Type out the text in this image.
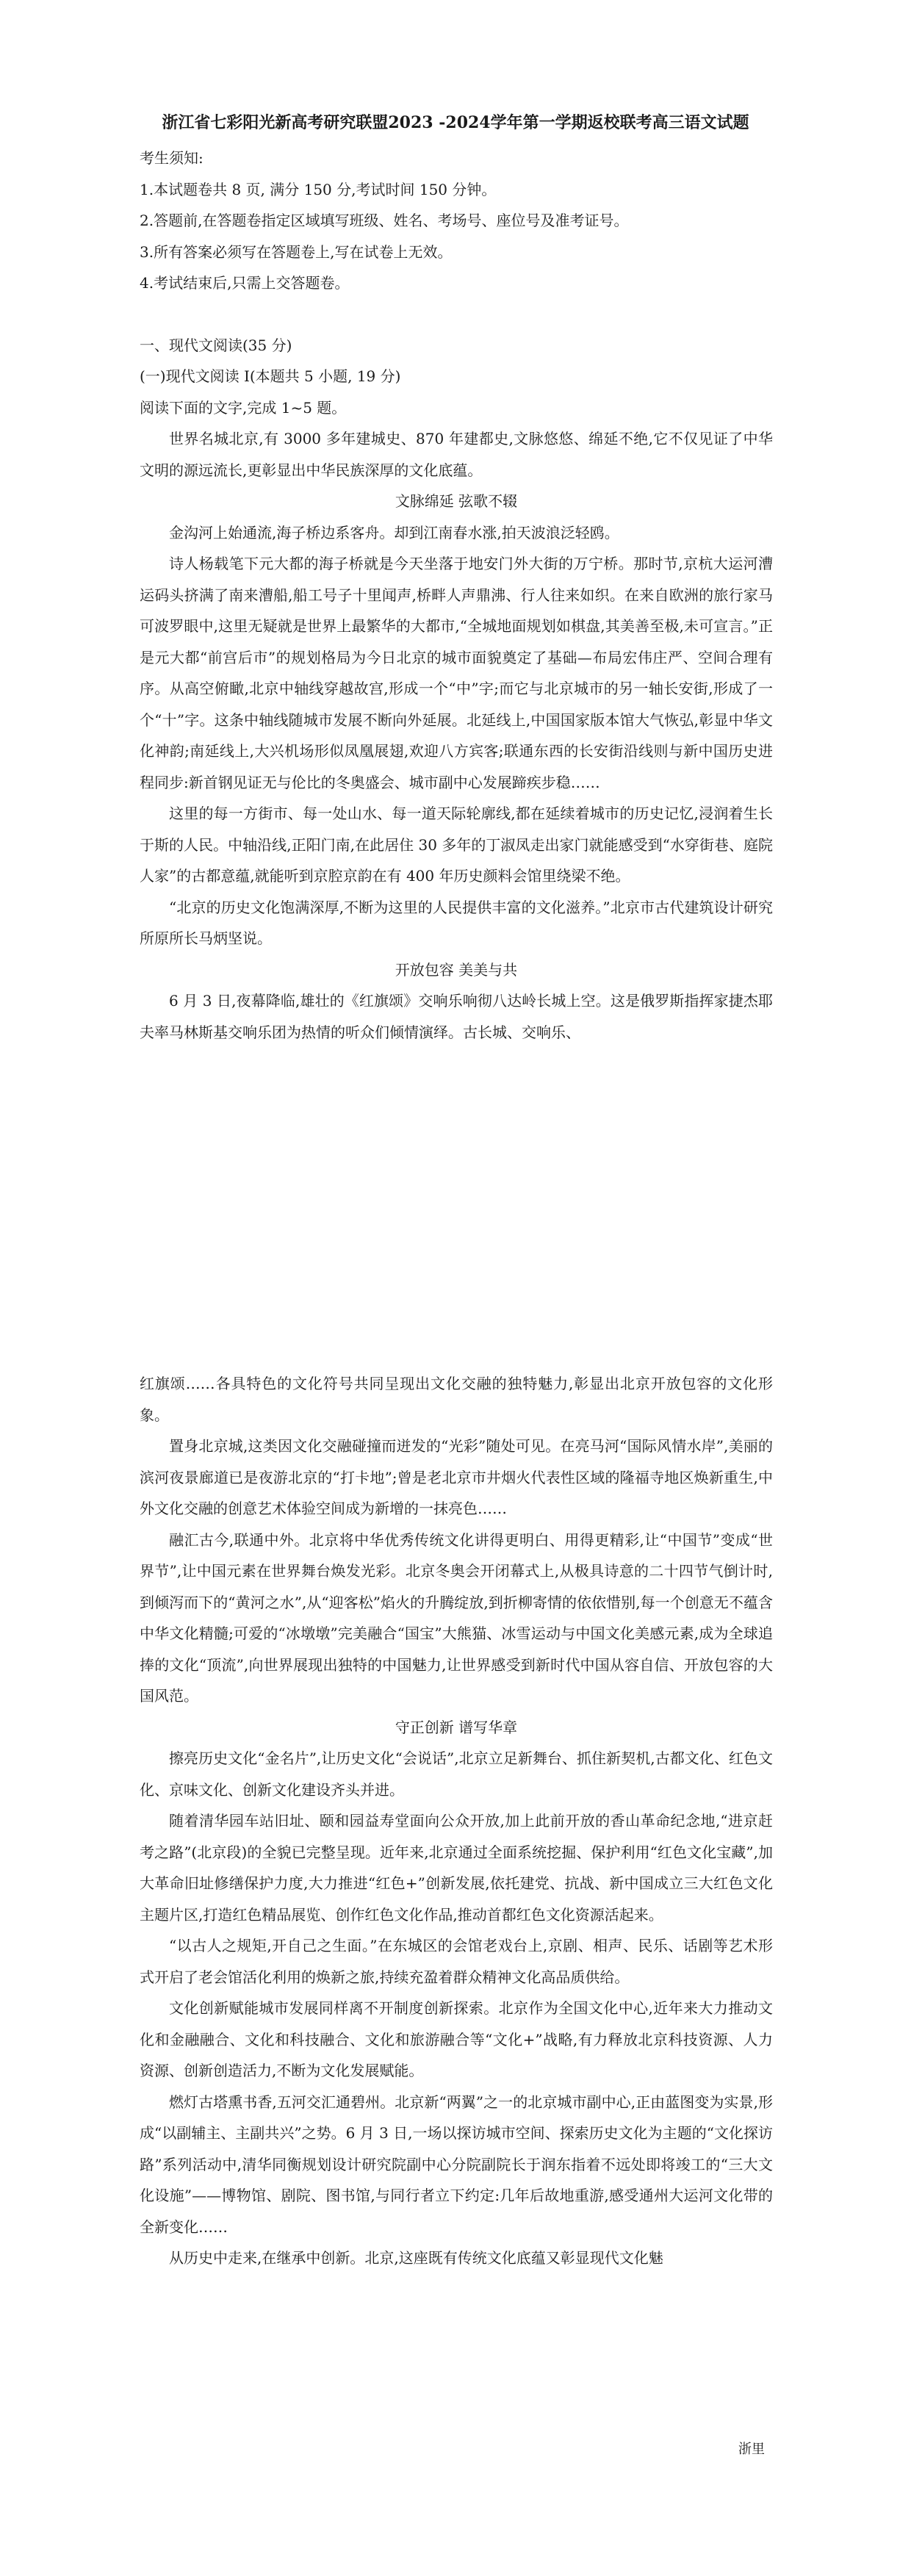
浙江省七彩阳光新高考研究联盟2023 -2024学年第一学期返校联考高三语文试题

考生须知:

1.本试题卷共 8 页, 满分 150 分,考试时间 150 分钟。

2.答题前,在答题卷指定区域填写班级、姓名、考场号、座位号及准考证号。

3.所有答案必须写在答题卷上,写在试卷上无效。

4.考试结束后,只需上交答题卷。

一、现代文阅读(35 分)

(一)现代文阅读 I(本题共 5 小题, 19 分)

阅读下面的文字,完成 1~5 题。

世界名城北京,有 3000 多年建城史、870 年建都史,文脉悠悠、绵延不绝,它不仅见证了中华文明的源远流长,更彰显出中华民族深厚的文化底蕴。

文脉绵延 弦歌不辍

金沟河上始通流,海子桥边系客舟。却到江南春水涨,拍天波浪泛轻鸥。

诗人杨载笔下元大都的海子桥就是今天坐落于地安门外大街的万宁桥。那时节,京杭大运河漕运码头挤满了南来漕船,船工号子十里闻声,桥畔人声鼎沸、行人往来如织。在来自欧洲的旅行家马可波罗眼中,这里无疑就是世界上最繁华的大都市,“全城地面规划如棋盘,其美善至极,未可宣言。”正是元大都“前宫后市”的规划格局为今日北京的城市面貌奠定了基础—布局宏伟庄严、空间合理有序。从高空俯瞰,北京中轴线穿越故宫,形成一个“中”字;而它与北京城市的另一轴长安街,形成了一个“十”字。这条中轴线随城市发展不断向外延展。北延线上,中国国家版本馆大气恢弘,彰显中华文化神韵;南延线上,大兴机场形似凤凰展翅,欢迎八方宾客;联通东西的长安街沿线则与新中国历史进程同步:新首钢见证无与伦比的冬奥盛会、城市副中心发展蹄疾步稳……

这里的每一方街市、每一处山水、每一道天际轮廓线,都在延续着城市的历史记忆,浸润着生长于斯的人民。中轴沿线,正阳门南,在此居住 30 多年的丁淑凤走出家门就能感受到“水穿街巷、庭院人家”的古都意蕴,就能听到京腔京韵在有 400 年历史颜料会馆里绕梁不绝。

“北京的历史文化饱满深厚,不断为这里的人民提供丰富的文化滋养。”北京市古代建筑设计研究所原所长马炳坚说。

开放包容 美美与共

6 月 3 日,夜幕降临,雄壮的《红旗颂》交响乐响彻八达岭长城上空。这是俄罗斯指挥家捷杰耶夫率马林斯基交响乐团为热情的听众们倾情演绎。古长城、交响乐、

红旗颂……各具特色的文化符号共同呈现出文化交融的独特魅力,彰显出北京开放包容的文化形象。

置身北京城,这类因文化交融碰撞而迸发的“光彩”随处可见。在亮马河“国际风情水岸”,美丽的滨河夜景廊道已是夜游北京的“打卡地”;曾是老北京市井烟火代表性区域的隆福寺地区焕新重生,中外文化交融的创意艺术体验空间成为新增的一抹亮色……

融汇古今,联通中外。北京将中华优秀传统文化讲得更明白、用得更精彩,让“中国节”变成“世界节”,让中国元素在世界舞台焕发光彩。北京冬奥会开闭幕式上,从极具诗意的二十四节气倒计时,到倾泻而下的“黄河之水”,从“迎客松”焰火的升腾绽放,到折柳寄情的依依惜别,每一个创意无不蕴含中华文化精髓;可爱的“冰墩墩”完美融合“国宝”大熊猫、冰雪运动与中国文化美感元素,成为全球追捧的文化“顶流”,向世界展现出独特的中国魅力,让世界感受到新时代中国从容自信、开放包容的大国风范。

守正创新 谱写华章

擦亮历史文化“金名片”,让历史文化“会说话”,北京立足新舞台、抓住新契机,古都文化、红色文化、京味文化、创新文化建设齐头并进。

随着清华园车站旧址、颐和园益寿堂面向公众开放,加上此前开放的香山革命纪念地,“进京赶考之路”(北京段)的全貌已完整呈现。近年来,北京通过全面系统挖掘、保护利用“红色文化宝藏”,加大革命旧址修缮保护力度,大力推进“红色+”创新发展,依托建党、抗战、新中国成立三大红色文化主题片区,打造红色精品展览、创作红色文化作品,推动首都红色文化资源活起来。

“以古人之规矩,开自己之生面。”在东城区的会馆老戏台上,京剧、相声、民乐、话剧等艺术形式开启了老会馆活化利用的焕新之旅,持续充盈着群众精神文化高品质供给。

文化创新赋能城市发展同样离不开制度创新探索。北京作为全国文化中心,近年来大力推动文化和金融融合、文化和科技融合、文化和旅游融合等“文化+”战略,有力释放北京科技资源、人力资源、创新创造活力,不断为文化发展赋能。

燃灯古塔熏书香,五河交汇通碧州。北京新“两翼”之一的北京城市副中心,正由蓝图变为实景,形成“以副辅主、主副共兴”之势。6 月 3 日,一场以探访城市空间、探索历史文化为主题的“文化探访路”系列活动中,清华同衡规划设计研究院副中心分院副院长于润东指着不远处即将竣工的“三大文化设施”——博物馆、剧院、图书馆,与同行者立下约定:几年后故地重游,感受通州大运河文化带的全新变化……

从历史中走来,在继承中创新。北京,这座既有传统文化底蕴又彰显现代文化魅

浙里
